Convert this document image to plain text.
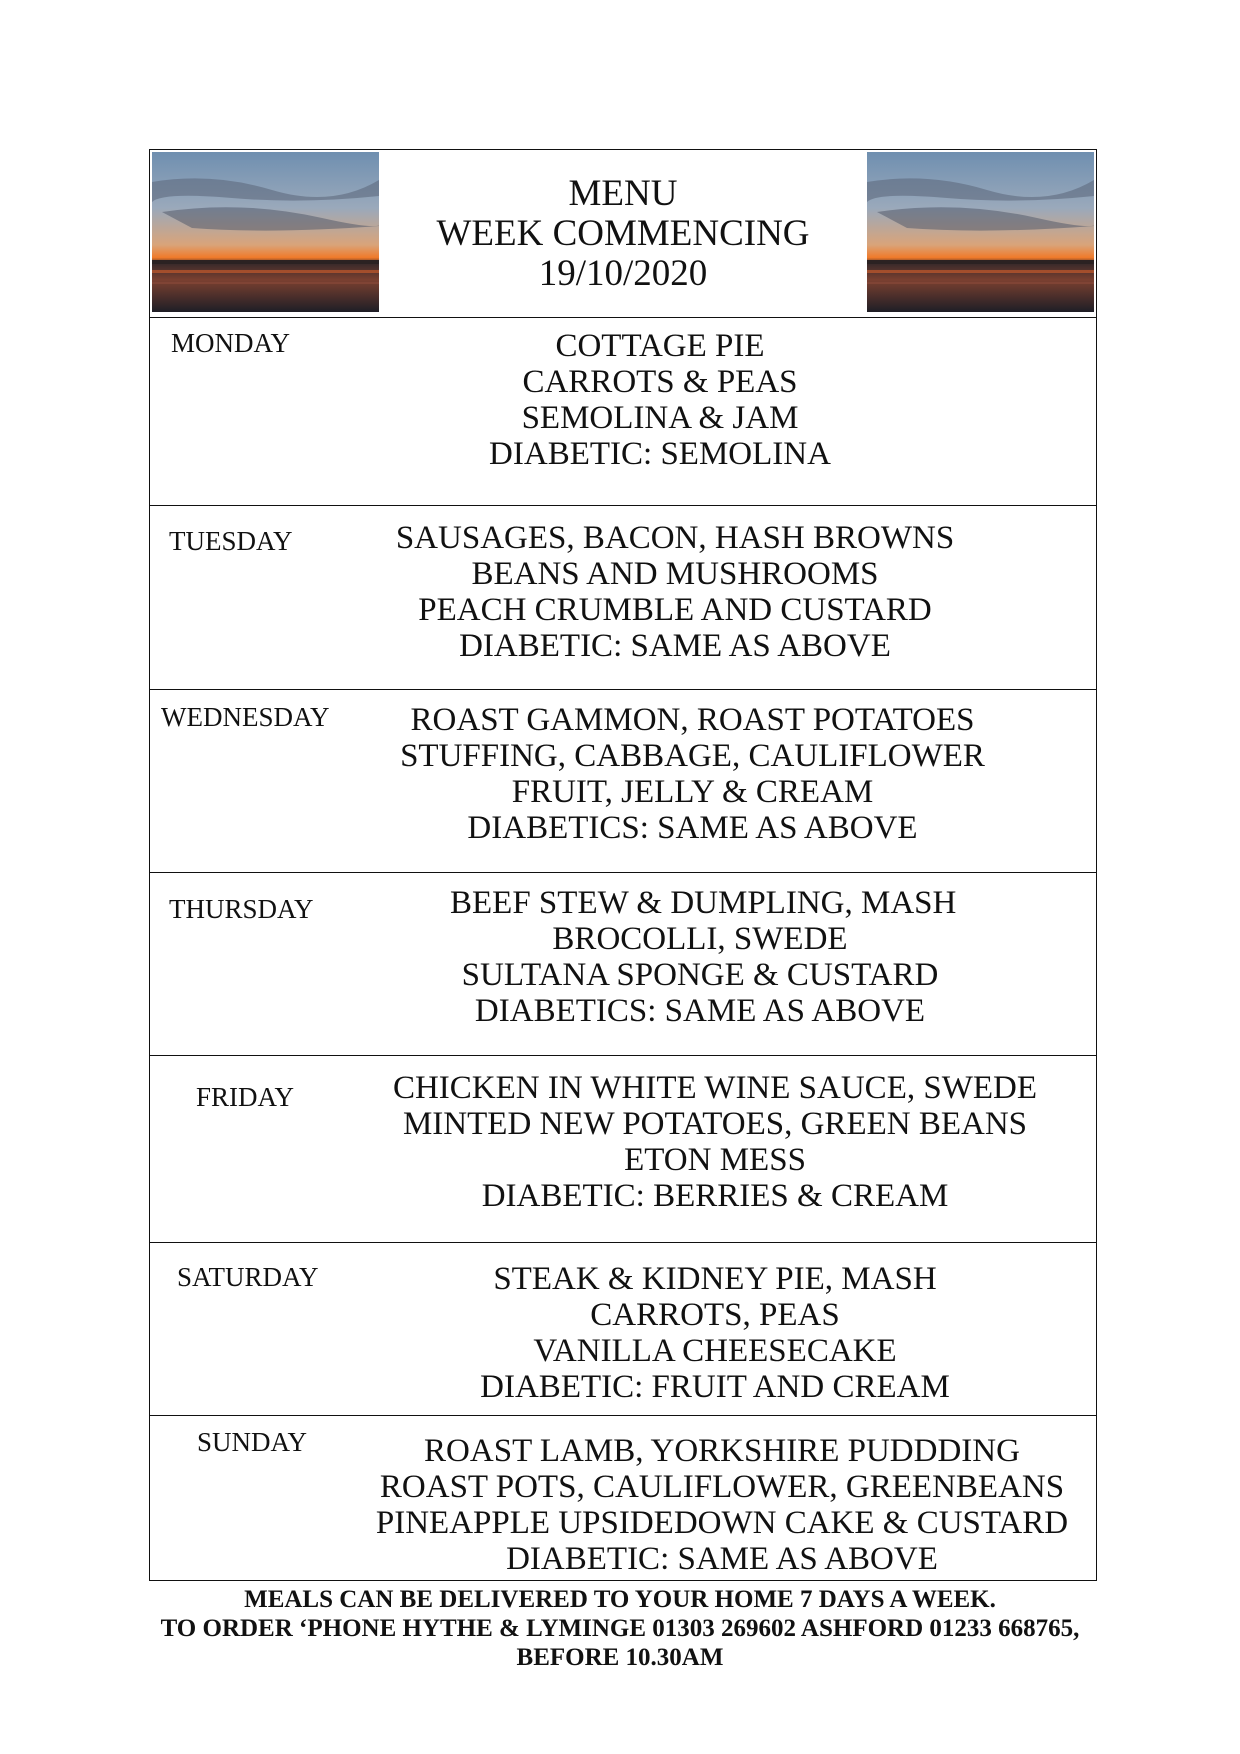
MENU
WEEK COMMENCING
19/10/2020
MONDAY	COTTAGE PIE
CARROTS & PEAS
SEMOLINA & JAM
DIABETIC: SEMOLINA
TUESDAY	SAUSAGES, BACON, HASH BROWNS
BEANS AND MUSHROOMS
PEACH CRUMBLE AND CUSTARD
DIABETIC: SAME AS ABOVE
WEDNESDAY	ROAST GAMMON, ROAST POTATOES
STUFFING, CABBAGE, CAULIFLOWER
FRUIT, JELLY & CREAM
DIABETICS: SAME AS ABOVE
THURSDAY	BEEF STEW & DUMPLING, MASH
BROCOLLI, SWEDE
SULTANA SPONGE & CUSTARD
DIABETICS: SAME AS ABOVE
FRIDAY	CHICKEN IN WHITE WINE SAUCE, SWEDE
MINTED NEW POTATOES, GREEN BEANS
ETON MESS
DIABETIC: BERRIES & CREAM
SATURDAY	STEAK & KIDNEY PIE, MASH
CARROTS, PEAS
VANILLA CHEESECAKE
DIABETIC: FRUIT AND CREAM
SUNDAY	ROAST LAMB, YORKSHIRE PUDDDING
ROAST POTS, CAULIFLOWER, GREENBEANS
PINEAPPLE UPSIDEDOWN CAKE & CUSTARD
DIABETIC: SAME AS ABOVE
MEALS CAN BE DELIVERED TO YOUR HOME 7 DAYS A WEEK.
TO ORDER ‘PHONE HYTHE & LYMINGE 01303 269602 ASHFORD 01233 668765,
BEFORE 10.30AM
